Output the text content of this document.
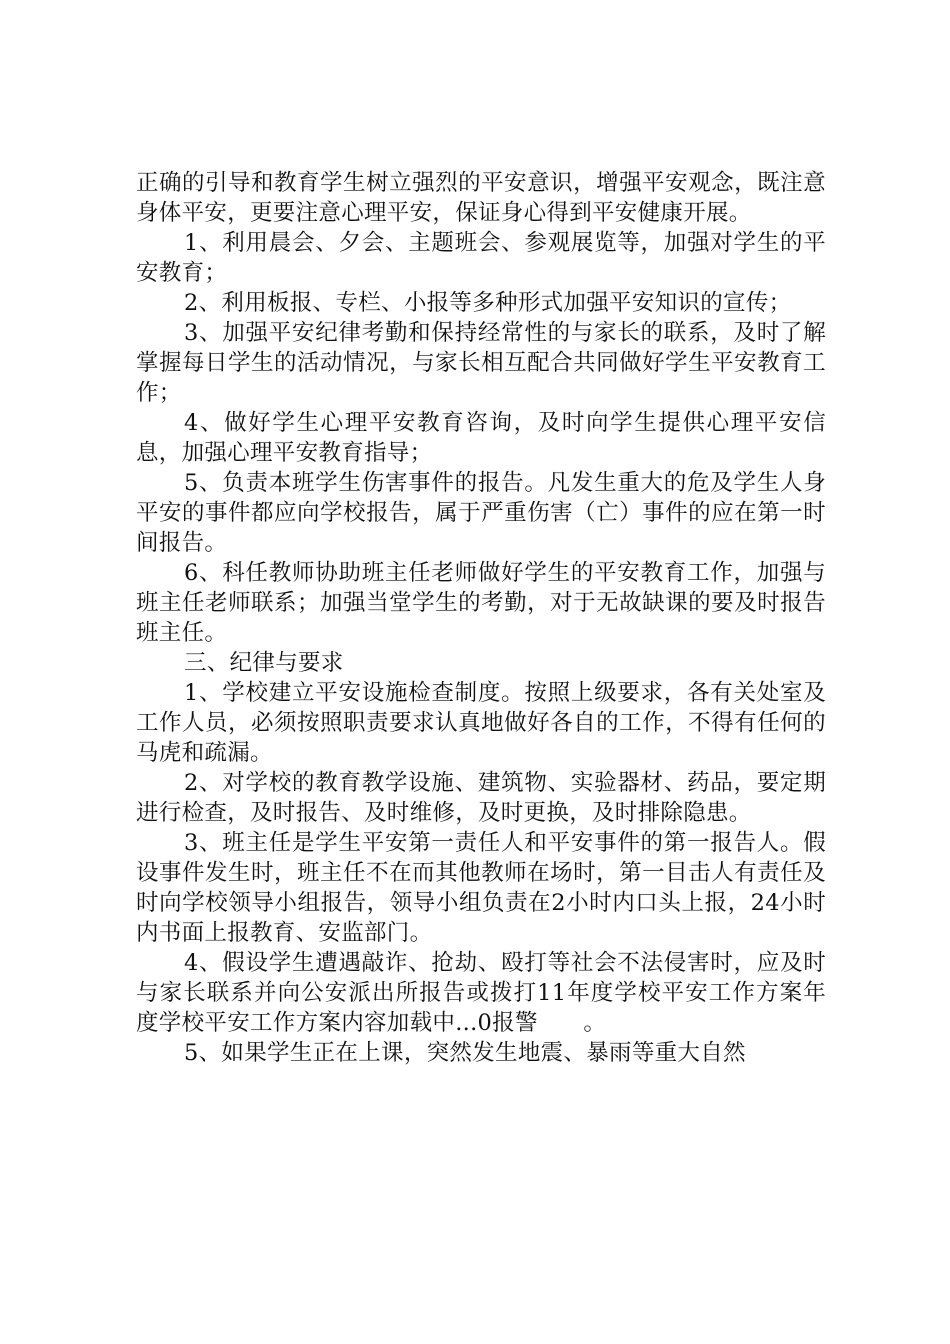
正确的引导和教育学生树立强烈的平安意识，增强平安观念，既注意身体平安，更要注意心理平安，保证身心得到平安健康开展。

1、利用晨会、夕会、主题班会、参观展览等，加强对学生的平安教育；

2、利用板报、专栏、小报等多种形式加强平安知识的宣传；

3、加强平安纪律考勤和保持经常性的与家长的联系，及时了解掌握每日学生的活动情况，与家长相互配合共同做好学生平安教育工作；

4、做好学生心理平安教育咨询，及时向学生提供心理平安信息，加强心理平安教育指导；

5、负责本班学生伤害事件的报告。凡发生重大的危及学生人身平安的事件都应向学校报告，属于严重伤害（亡）事件的应在第一时间报告。

6、科任教师协助班主任老师做好学生的平安教育工作，加强与班主任老师联系；加强当堂学生的考勤，对于无故缺课的要及时报告班主任。

三、纪律与要求

1、学校建立平安设施检查制度。按照上级要求，各有关处室及工作人员，必须按照职责要求认真地做好各自的工作，不得有任何的马虎和疏漏。

2、对学校的教育教学设施、建筑物、实验器材、药品，要定期进行检查，及时报告、及时维修，及时更换，及时排除隐患。

3、班主任是学生平安第一责任人和平安事件的第一报告人。假设事件发生时，班主任不在而其他教师在场时，第一目击人有责任及时向学校领导小组报告，领导小组负责在2小时内口头上报，24小时内书面上报教育、安监部门。

4、假设学生遭遇敲诈、抢劫、殴打等社会不法侵害时，应及时与家长联系并向公安派出所报告或拨打11年度学校平安工作方案年度学校平安工作方案内容加载中...0报警　　。

5、如果学生正在上课，突然发生地震、暴雨等重大自然
